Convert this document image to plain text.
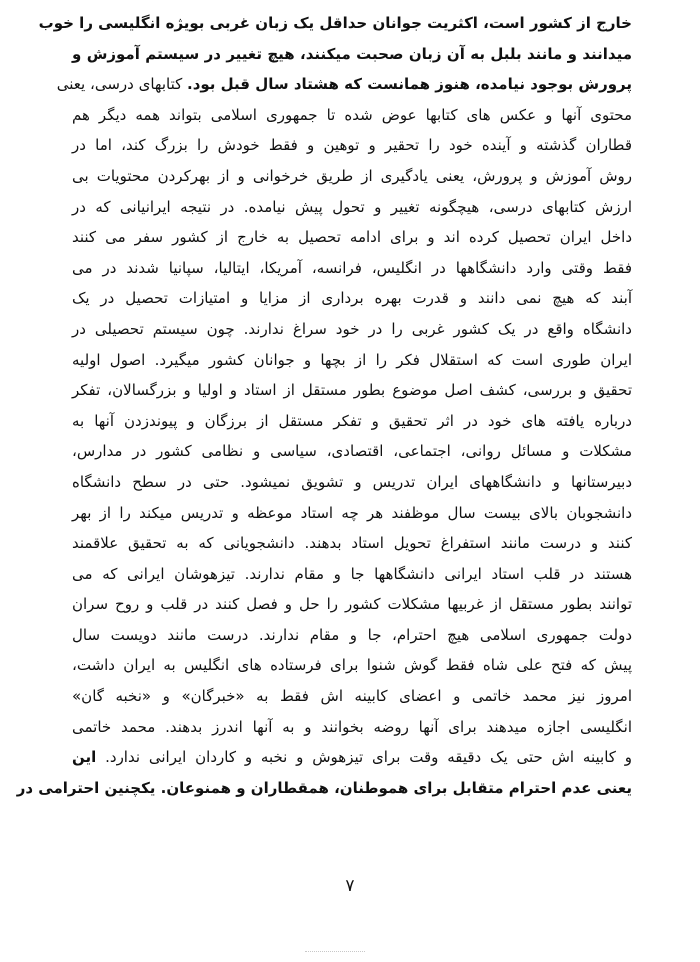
خارج از کشور است، اکثریت جوانان حداقل یک زبان غربی بویژه انگلیسی را خوب
میدانند و مانند بلبل به آن زبان صحبت میکنند، هیچ تغییر در سیستم آموزش و
پرورش بوجود نیامده، هنوز همانست که هشتاد سال قبل بود. کتابهای درسی، یعنی
محتوی آنها و عکس های کتابها عوض شده تا جمهوری اسلامی بتواند همه دیگر هم
قطاران گذشته و آینده خود را تحقیر و توهین و فقط خودش را بزرگ کند، اما در
روش آموزش و پرورش، یعنی یادگیری از طریق خرخوانی و از بهرکردن محتویات بی
ارزش کتابهای درسی، هیچگونه تغییر و تحول پیش نیامده. در نتیجه ایرانیانی که در
داخل ایران تحصیل کرده اند و برای ادامه تحصیل به خارج از کشور سفر می کنند
فقط وقتی وارد دانشگاهها در انگلیس، فرانسه، آمریکا، ایتالیا، سپانیا شدند در می
آبند که هیچ نمی دانند و قدرت بهره برداری از مزایا و امتیازات تحصیل در یک
دانشگاه واقع در یک کشور غربی را در خود سراغ ندارند. چون سیستم تحصیلی در
ایران طوری است که استقلال فکر را از بچها و جوانان کشور میگیرد. اصول اولیه
تحقیق و بررسی، کشف اصل موضوع بطور مستقل از استاد و اولیا و بزرگسالان، تفکر
درباره یافته های خود در اثر تحقیق و تفکر مستقل از برزگان و پیوندزدن آنها به
مشکلات و مسائل روانی، اجتماعی، اقتصادی، سیاسی و نظامی کشور در مدارس،
دبیرستانها و دانشگاههای ایران تدریس و تشویق نمیشود. حتی در سطح دانشگاه
دانشجوبان بالای بیست سال موظفند هر چه استاد موعظه و تدریس میکند را از بهر
کنند و درست مانند استفراغ تحویل استاد بدهند. دانشجویانی که به تحقیق علاقمند
هستند در قلب استاد ایرانی دانشگاهها جا و مقام ندارند. تیزهوشان ایرانی که می
توانند بطور مستقل از غربیها مشکلات کشور را حل و فصل کنند در قلب و روح سران
دولت جمهوری اسلامی هیچ احترام، جا و مقام ندارند. درست مانند دویست سال
پیش که فتح علی شاه فقط گوش شنوا برای فرستاده های انگلیس به ایران داشت،
امروز نیز محمد خاتمی و اعضای کابینه اش فقط به «خبرگان» و «نخبه گان»
انگلیسی اجازه میدهند برای آنها روضه بخوانند و به آنها اندرز بدهند. محمد خاتمی
و کابینه اش حتی یک دقیقه وقت برای تیزهوش و نخبه و کاردان ایرانی ندارد. این
یعنی عدم احترام متقابل برای هموطنان، همقطاران و همنوعان. یکچنین احترامی در
۷
